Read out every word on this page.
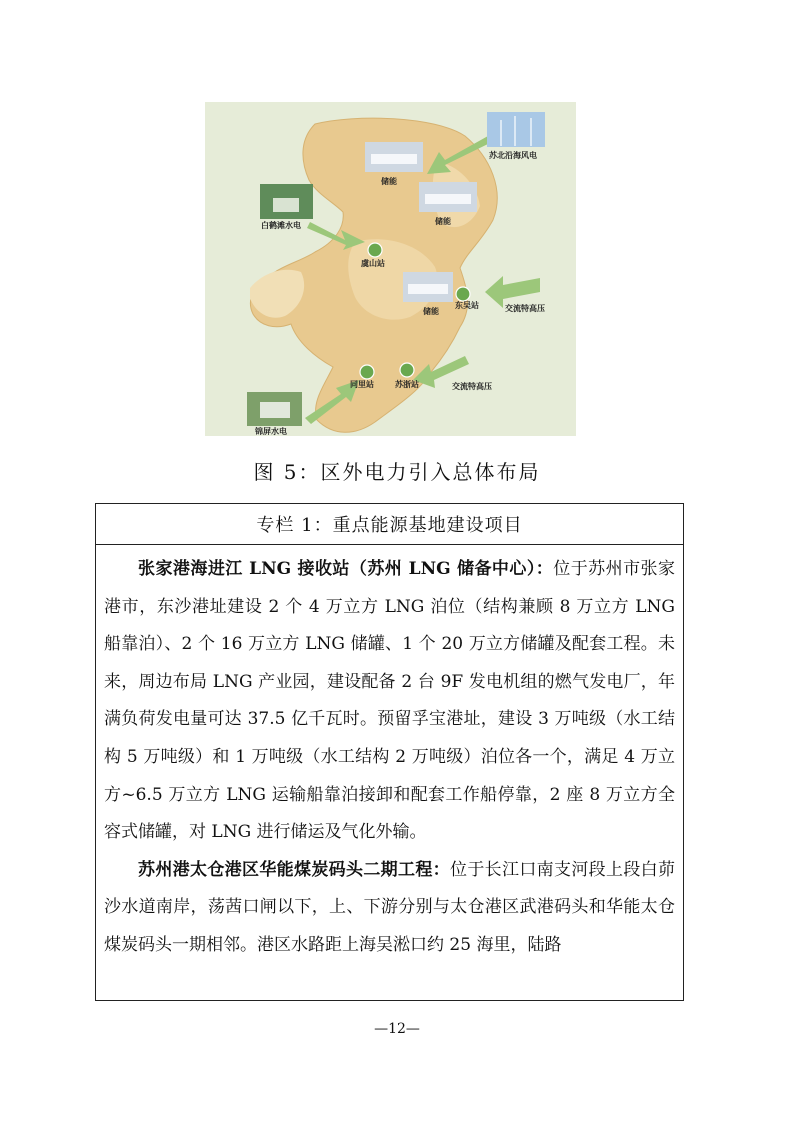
苏北沿海风电
白鹤滩水电
锦屏水电
储能
储能
储能
虞山站
东吴站
同里站	苏浙站
交流特高压
交流特高压
图 5：区外电力引入总体布局
专栏 1：重点能源基地建设项目

张家港海进江 LNG 接收站（苏州 LNG 储备中心）：位于苏州市张家港市，东沙港址建设 2 个 4 万立方 LNG 泊位（结构兼顾 8 万立方 LNG 船靠泊）、2 个 16 万立方 LNG 储罐、1 个 20 万立方储罐及配套工程。未来，周边布局 LNG 产业园，建设配备 2 台 9F 发电机组的燃气发电厂，年满负荷发电量可达 37.5 亿千瓦时。预留孚宝港址，建设 3 万吨级（水工结构 5 万吨级）和 1 万吨级（水工结构 2 万吨级）泊位各一个，满足 4 万立方~6.5 万立方 LNG 运输船靠泊接卸和配套工作船停靠，2 座 8 万立方全容式储罐，对 LNG 进行储运及气化外输。

苏州港太仓港区华能煤炭码头二期工程：位于长江口南支河段上段白茆沙水道南岸，荡茜口闸以下，上、下游分别与太仓港区武港码头和华能太仓煤炭码头一期相邻。港区水路距上海吴淞口约 25 海里，陆路

—12—
